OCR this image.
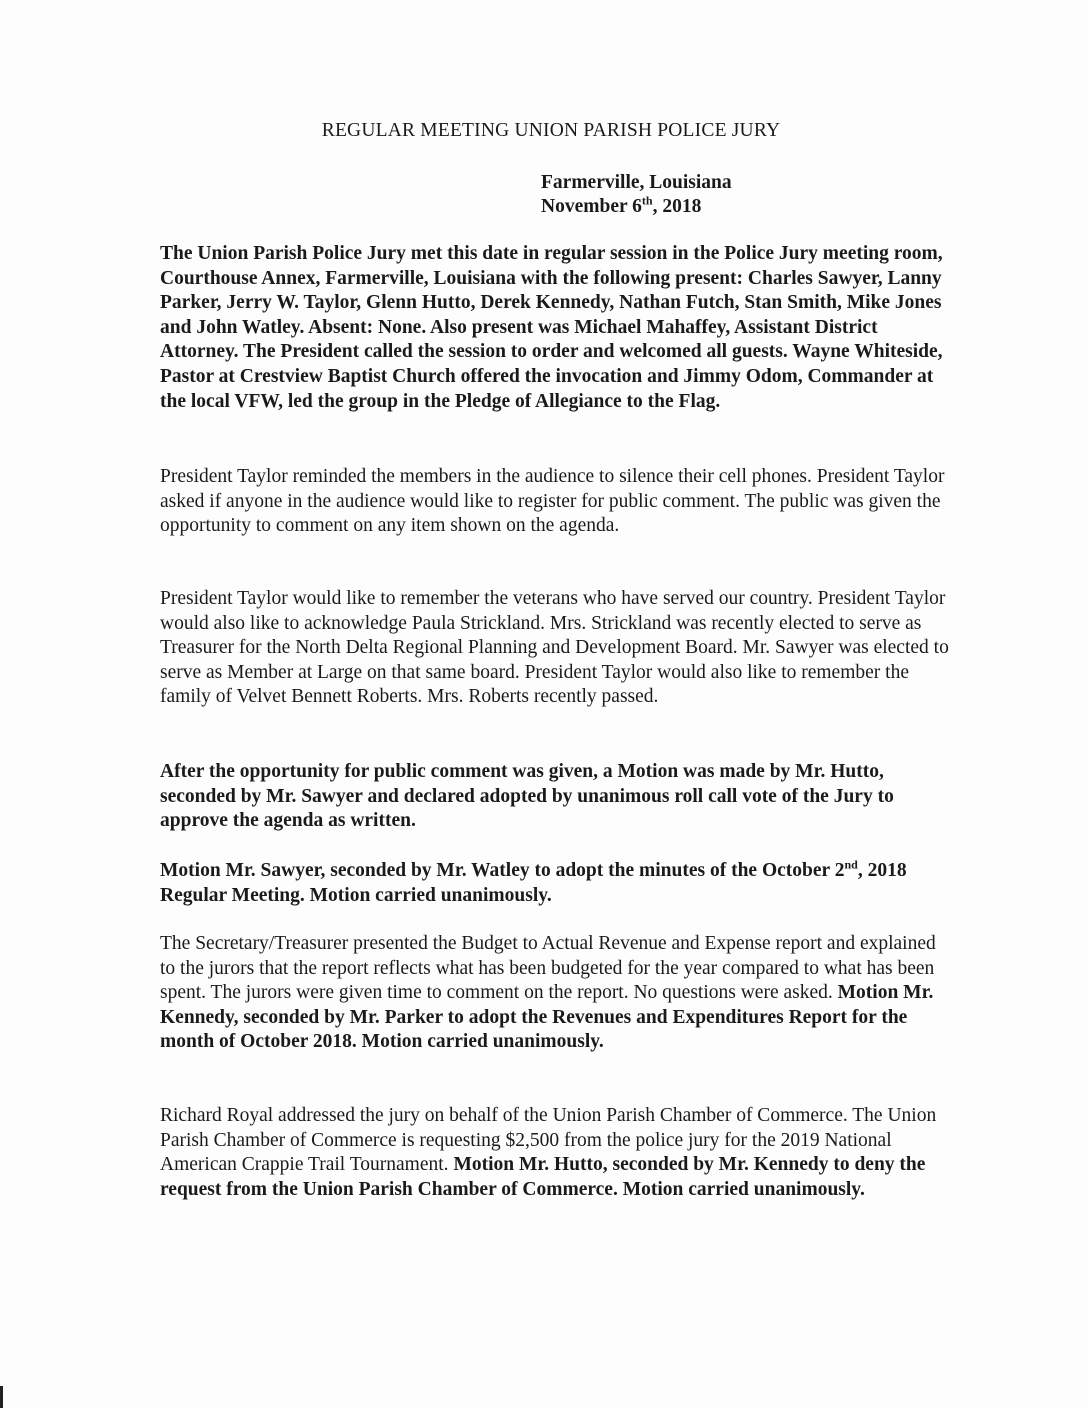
REGULAR MEETING UNION PARISH POLICE JURY
Farmerville, Louisiana
November 6th, 2018

The Union Parish Police Jury met this date in regular session in the Police Jury meeting room, Courthouse Annex, Farmerville, Louisiana with the following present: Charles Sawyer, Lanny Parker, Jerry W. Taylor, Glenn Hutto, Derek Kennedy, Nathan Futch, Stan Smith, Mike Jones and John Watley. Absent: None. Also present was Michael Mahaffey, Assistant District Attorney. The President called the session to order and welcomed all guests. Wayne Whiteside, Pastor at Crestview Baptist Church offered the invocation and Jimmy Odom, Commander at the local VFW, led the group in the Pledge of Allegiance to the Flag.

President Taylor reminded the members in the audience to silence their cell phones. President Taylor asked if anyone in the audience would like to register for public comment. The public was given the opportunity to comment on any item shown on the agenda.

President Taylor would like to remember the veterans who have served our country. President Taylor would also like to acknowledge Paula Strickland. Mrs. Strickland was recently elected to serve as Treasurer for the North Delta Regional Planning and Development Board. Mr. Sawyer was elected to serve as Member at Large on that same board. President Taylor would also like to remember the family of Velvet Bennett Roberts. Mrs. Roberts recently passed.

After the opportunity for public comment was given, a Motion was made by Mr. Hutto, seconded by Mr. Sawyer and declared adopted by unanimous roll call vote of the Jury to approve the agenda as written.

Motion Mr. Sawyer, seconded by Mr. Watley to adopt the minutes of the October 2nd, 2018 Regular Meeting. Motion carried unanimously.

The Secretary/Treasurer presented the Budget to Actual Revenue and Expense report and explained to the jurors that the report reflects what has been budgeted for the year compared to what has been spent. The jurors were given time to comment on the report. No questions were asked. Motion Mr. Kennedy, seconded by Mr. Parker to adopt the Revenues and Expenditures Report for the month of October 2018. Motion carried unanimously.

Richard Royal addressed the jury on behalf of the Union Parish Chamber of Commerce. The Union Parish Chamber of Commerce is requesting $2,500 from the police jury for the 2019 National American Crappie Trail Tournament. Motion Mr. Hutto, seconded by Mr. Kennedy to deny the request from the Union Parish Chamber of Commerce. Motion carried unanimously.
